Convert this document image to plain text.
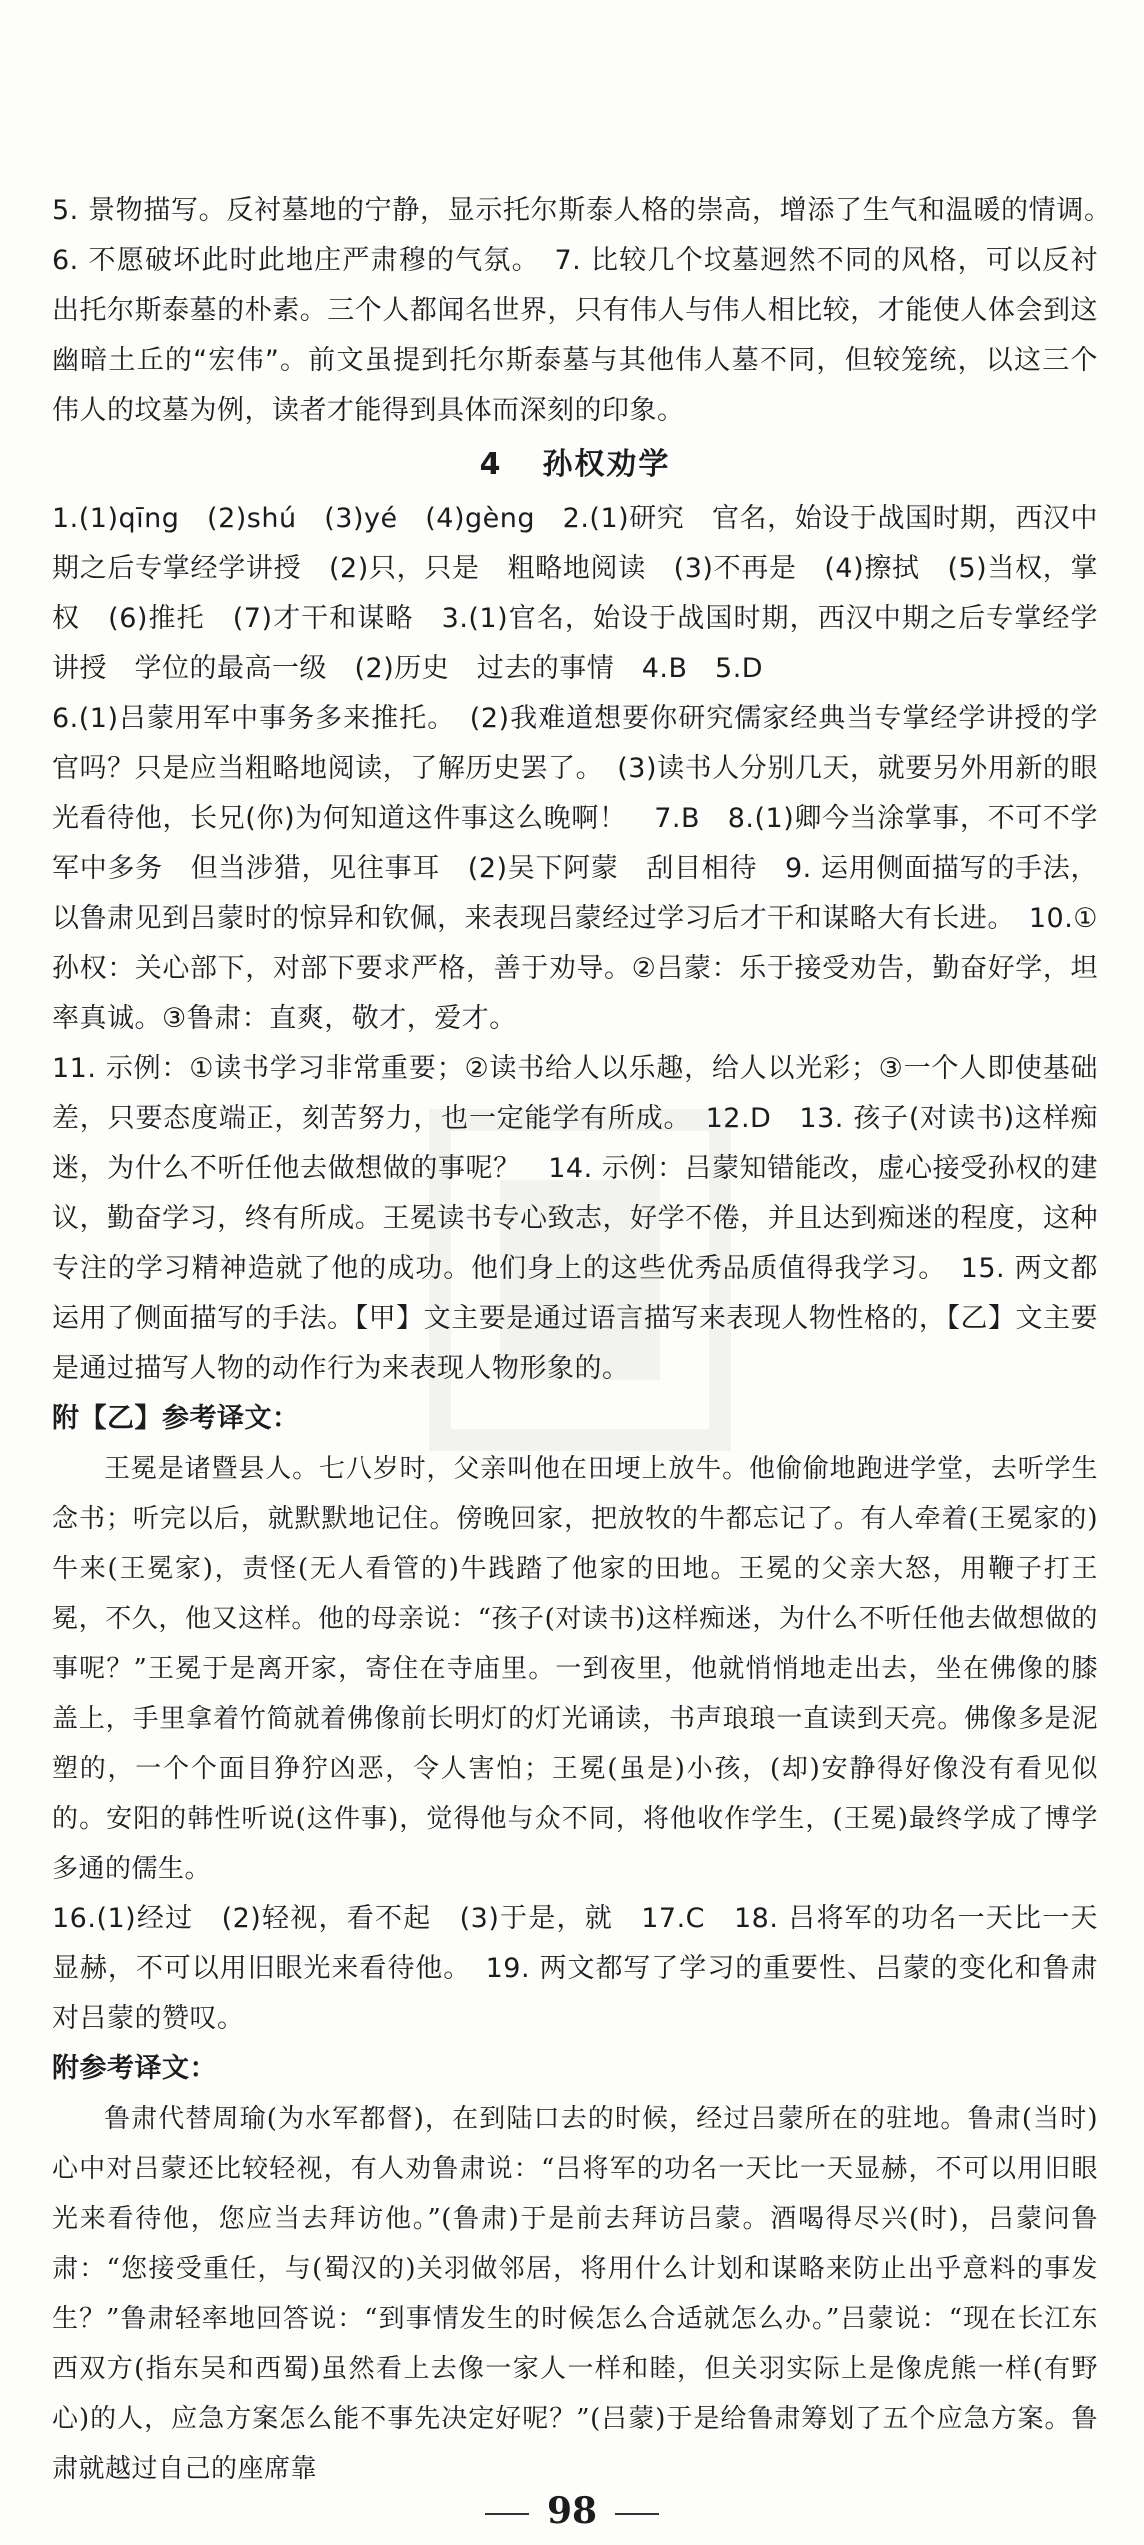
5. 景物描写。反衬墓地的宁静，显示托尔斯泰人格的崇高，增添了生气和温暖的情调。　6. 不愿破坏此时此地庄严肃穆的气氛。　7. 比较几个坟墓迥然不同的风格，可以反衬出托尔斯泰墓的朴素。三个人都闻名世界，只有伟人与伟人相比较，才能使人体会到这幽暗土丘的“宏伟”。前文虽提到托尔斯泰墓与其他伟人墓不同，但较笼统，以这三个伟人的坟墓为例，读者才能得到具体而深刻的印象。

4 孙权劝学

1.(1)qīng　(2)shú　(3)yé　(4)gèng　2.(1)研究　官名，始设于战国时期，西汉中期之后专掌经学讲授　(2)只，只是　粗略地阅读　(3)不再是　(4)擦拭　(5)当权，掌权　(6)推托　(7)才干和谋略　3.(1)官名，始设于战国时期，西汉中期之后专掌经学讲授　学位的最高一级　(2)历史　过去的事情　4.B　5.D

6.(1)吕蒙用军中事务多来推托。　(2)我难道想要你研究儒家经典当专掌经学讲授的学官吗？只是应当粗略地阅读，了解历史罢了。　(3)读书人分别几天，就要另外用新的眼光看待他，长兄(你)为何知道这件事这么晚啊！　7.B　8.(1)卿今当涂掌事，不可不学　军中多务　但当涉猎，见往事耳　(2)吴下阿蒙　刮目相待　9. 运用侧面描写的手法，以鲁肃见到吕蒙时的惊异和钦佩，来表现吕蒙经过学习后才干和谋略大有长进。　10.①孙权：关心部下，对部下要求严格，善于劝导。②吕蒙：乐于接受劝告，勤奋好学，坦率真诚。③鲁肃：直爽，敬才，爱才。

11. 示例：①读书学习非常重要；②读书给人以乐趣，给人以光彩；③一个人即使基础差，只要态度端正，刻苦努力，也一定能学有所成。　12.D　13. 孩子(对读书)这样痴迷，为什么不听任他去做想做的事呢？　14. 示例：吕蒙知错能改，虚心接受孙权的建议，勤奋学习，终有所成。王冕读书专心致志，好学不倦，并且达到痴迷的程度，这种专注的学习精神造就了他的成功。他们身上的这些优秀品质值得我学习。　15. 两文都运用了侧面描写的手法。【甲】文主要是通过语言描写来表现人物性格的，【乙】文主要是通过描写人物的动作行为来表现人物形象的。

附【乙】参考译文：

王冕是诸暨县人。七八岁时，父亲叫他在田埂上放牛。他偷偷地跑进学堂，去听学生念书；听完以后，就默默地记住。傍晚回家，把放牧的牛都忘记了。有人牵着(王冕家的)牛来(王冕家)，责怪(无人看管的)牛践踏了他家的田地。王冕的父亲大怒，用鞭子打王冕，不久，他又这样。他的母亲说：“孩子(对读书)这样痴迷，为什么不听任他去做想做的事呢？”王冕于是离开家，寄住在寺庙里。一到夜里，他就悄悄地走出去，坐在佛像的膝盖上，手里拿着竹简就着佛像前长明灯的灯光诵读，书声琅琅一直读到天亮。佛像多是泥塑的，一个个面目狰狞凶恶，令人害怕；王冕(虽是)小孩，(却)安静得好像没有看见似的。安阳的韩性听说(这件事)，觉得他与众不同，将他收作学生，(王冕)最终学成了博学多通的儒生。

16.(1)经过　(2)轻视，看不起　(3)于是，就　17.C　18. 吕将军的功名一天比一天显赫，不可以用旧眼光来看待他。　19. 两文都写了学习的重要性、吕蒙的变化和鲁肃对吕蒙的赞叹。

附参考译文：

鲁肃代替周瑜(为水军都督)，在到陆口去的时候，经过吕蒙所在的驻地。鲁肃(当时)心中对吕蒙还比较轻视，有人劝鲁肃说：“吕将军的功名一天比一天显赫，不可以用旧眼光来看待他，您应当去拜访他。”(鲁肃)于是前去拜访吕蒙。酒喝得尽兴(时)，吕蒙问鲁肃：“您接受重任，与(蜀汉的)关羽做邻居，将用什么计划和谋略来防止出乎意料的事发生？”鲁肃轻率地回答说：“到事情发生的时候怎么合适就怎么办。”吕蒙说：“现在长江东西双方(指东吴和西蜀)虽然看上去像一家人一样和睦，但关羽实际上是像虎熊一样(有野心)的人，应急方案怎么能不事先决定好呢？”(吕蒙)于是给鲁肃筹划了五个应急方案。鲁肃就越过自己的座席靠

98
